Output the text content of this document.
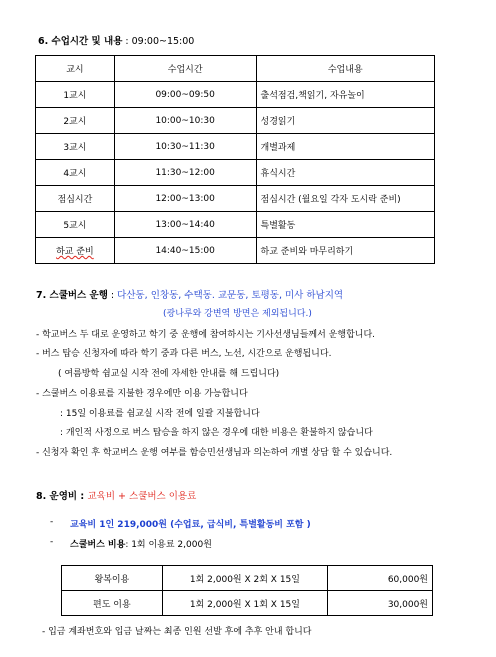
6. 수업시간 및 내용 : 09:00~15:00
교시	수업시간	수업내용
1교시	09:00~09:50	출석점검,책읽기, 자유놀이
2교시	10:00~10:30	성경읽기
3교시	10:30~11:30	개별과제
4교시	11:30~12:00	휴식시간
점심시간	12:00~13:00	점심시간 (월요일 각자 도시락 준비)
5교시	13:00~14:40	특별활동
하교 준비	14:40~15:00	하교 준비와 마무리하기
7. 스쿨버스 운행 : 다산동, 인창동, 수택동. 교문동, 토평동, 미사 하남지역
(광나루와 강변역 방면은 제외됩니다.)
- 학교버스 두 대로 운영하고 학기 중 운행에 참여하시는 기사선생님들께서 운행합니다.
- 버스 탑승 신청자에 따라 학기 중과 다른 버스, 노선, 시간으로 운행됩니다.
( 여름방학 쉼교실 시작 전에 자세한 안내를 해 드립니다)
- 스쿨버스 이용료를 지불한 경우에만 이용 가능합니다
: 15일 이용료를 쉼교실 시작 전에 일괄 지불합니다
: 개인적 사정으로 버스 탑승을 하지 않은 경우에 대한 비용은 환불하지 않습니다
- 신청자 확인 후 학교버스 운행 여부를 함승민선생님과 의논하여 개별 상담 할 수 있습니다.
8. 운영비 : 교육비 + 스쿨버스 이용료
- 교육비 1인 219,000원 (수업료, 급식비, 특별활동비 포함 )
- 스쿨버스 비용: 1회 이용료 2,000원
왕복이용	1회 2,000원 X 2회 X 15일	60,000원
편도 이용	1회 2,000원 X 1회 X 15일	30,000원
- 입금 계좌번호와 입금 날짜는 최종 인원 선발 후에 추후 안내 합니다
